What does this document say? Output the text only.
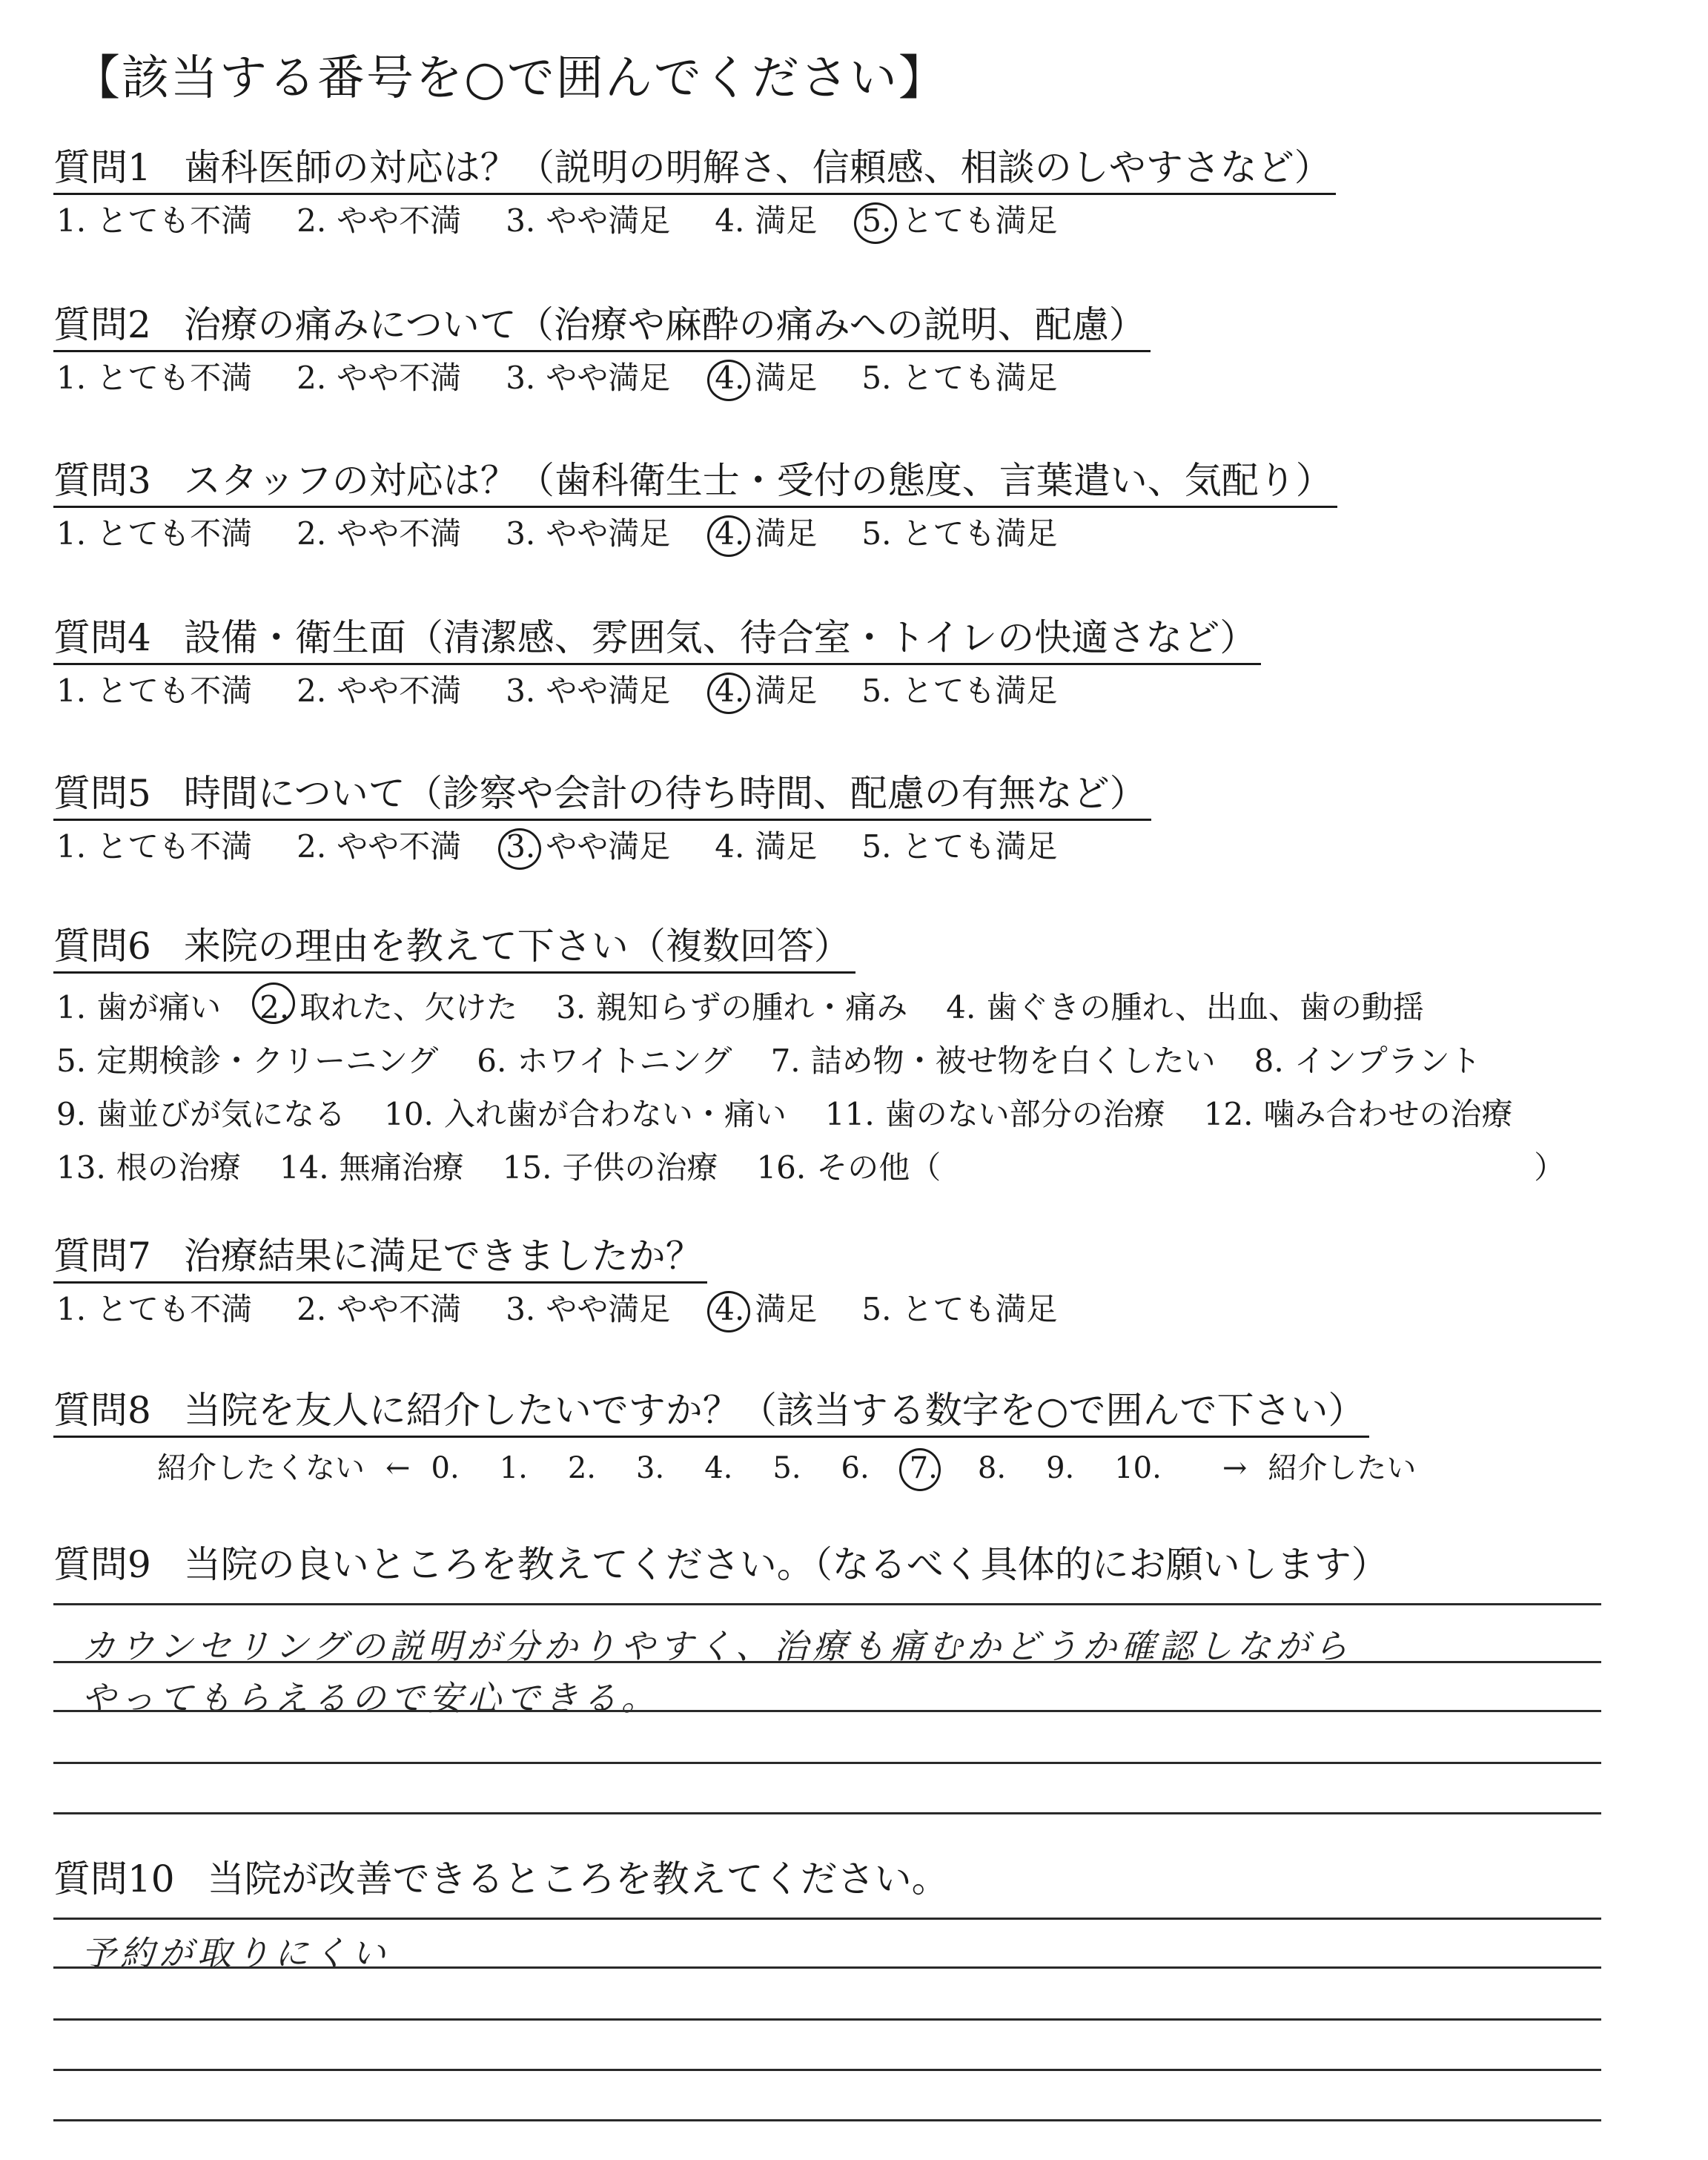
【該当する番号を○で囲んでください】
質問1 歯科医師の対応は？（説明の明解さ、信頼感、相談のしやすさなど）
1. とても不満 2. やや不満 3. やや満足 4. 満足 5. とても満足
質問2 治療の痛みについて（治療や麻酔の痛みへの説明、配慮）
1. とても不満 2. やや不満 3. やや満足 4. 満足 5. とても満足
質問3 スタッフの対応は？（歯科衛生士・受付の態度、言葉遣い、気配り）
1. とても不満 2. やや不満 3. やや満足 4. 満足 5. とても満足
質問4 設備・衛生面（清潔感、雰囲気、待合室・トイレの快適さなど）
1. とても不満 2. やや不満 3. やや満足 4. 満足 5. とても満足
質問5 時間について（診察や会計の待ち時間、配慮の有無など）
1. とても不満 2. やや不満 3. やや満足 4. 満足 5. とても満足
質問6 来院の理由を教えて下さい（複数回答）
1. 歯が痛い 2. 取れた、欠けた 3. 親知らずの腫れ・痛み 4. 歯ぐきの腫れ、出血、歯の動揺
5. 定期検診・クリーニング 6. ホワイトニング 7. 詰め物・被せ物を白くしたい 8. インプラント
9. 歯並びが気になる 10. 入れ歯が合わない・痛い 11. 歯のない部分の治療 12. 噛み合わせの治療
13. 根の治療 14. 無痛治療 15. 子供の治療 16. その他（	）
質問7 治療結果に満足できましたか？
1. とても不満 2. やや不満 3. やや満足 4. 満足 5. とても満足
質問8 当院を友人に紹介したいですか？（該当する数字を○で囲んで下さい）
紹介したくない ← 0. 1. 2. 3. 4. 5. 6. 7. 8. 9. 10. → 紹介したい
質問9 当院の良いところを教えてください。（なるべく具体的にお願いします）
カウンセリングの説明が分かりやすく、治療も痛むかどうか確認しながら
やってもらえるので安心できる。
質問10 当院が改善できるところを教えてください。
予約が取りにくい
